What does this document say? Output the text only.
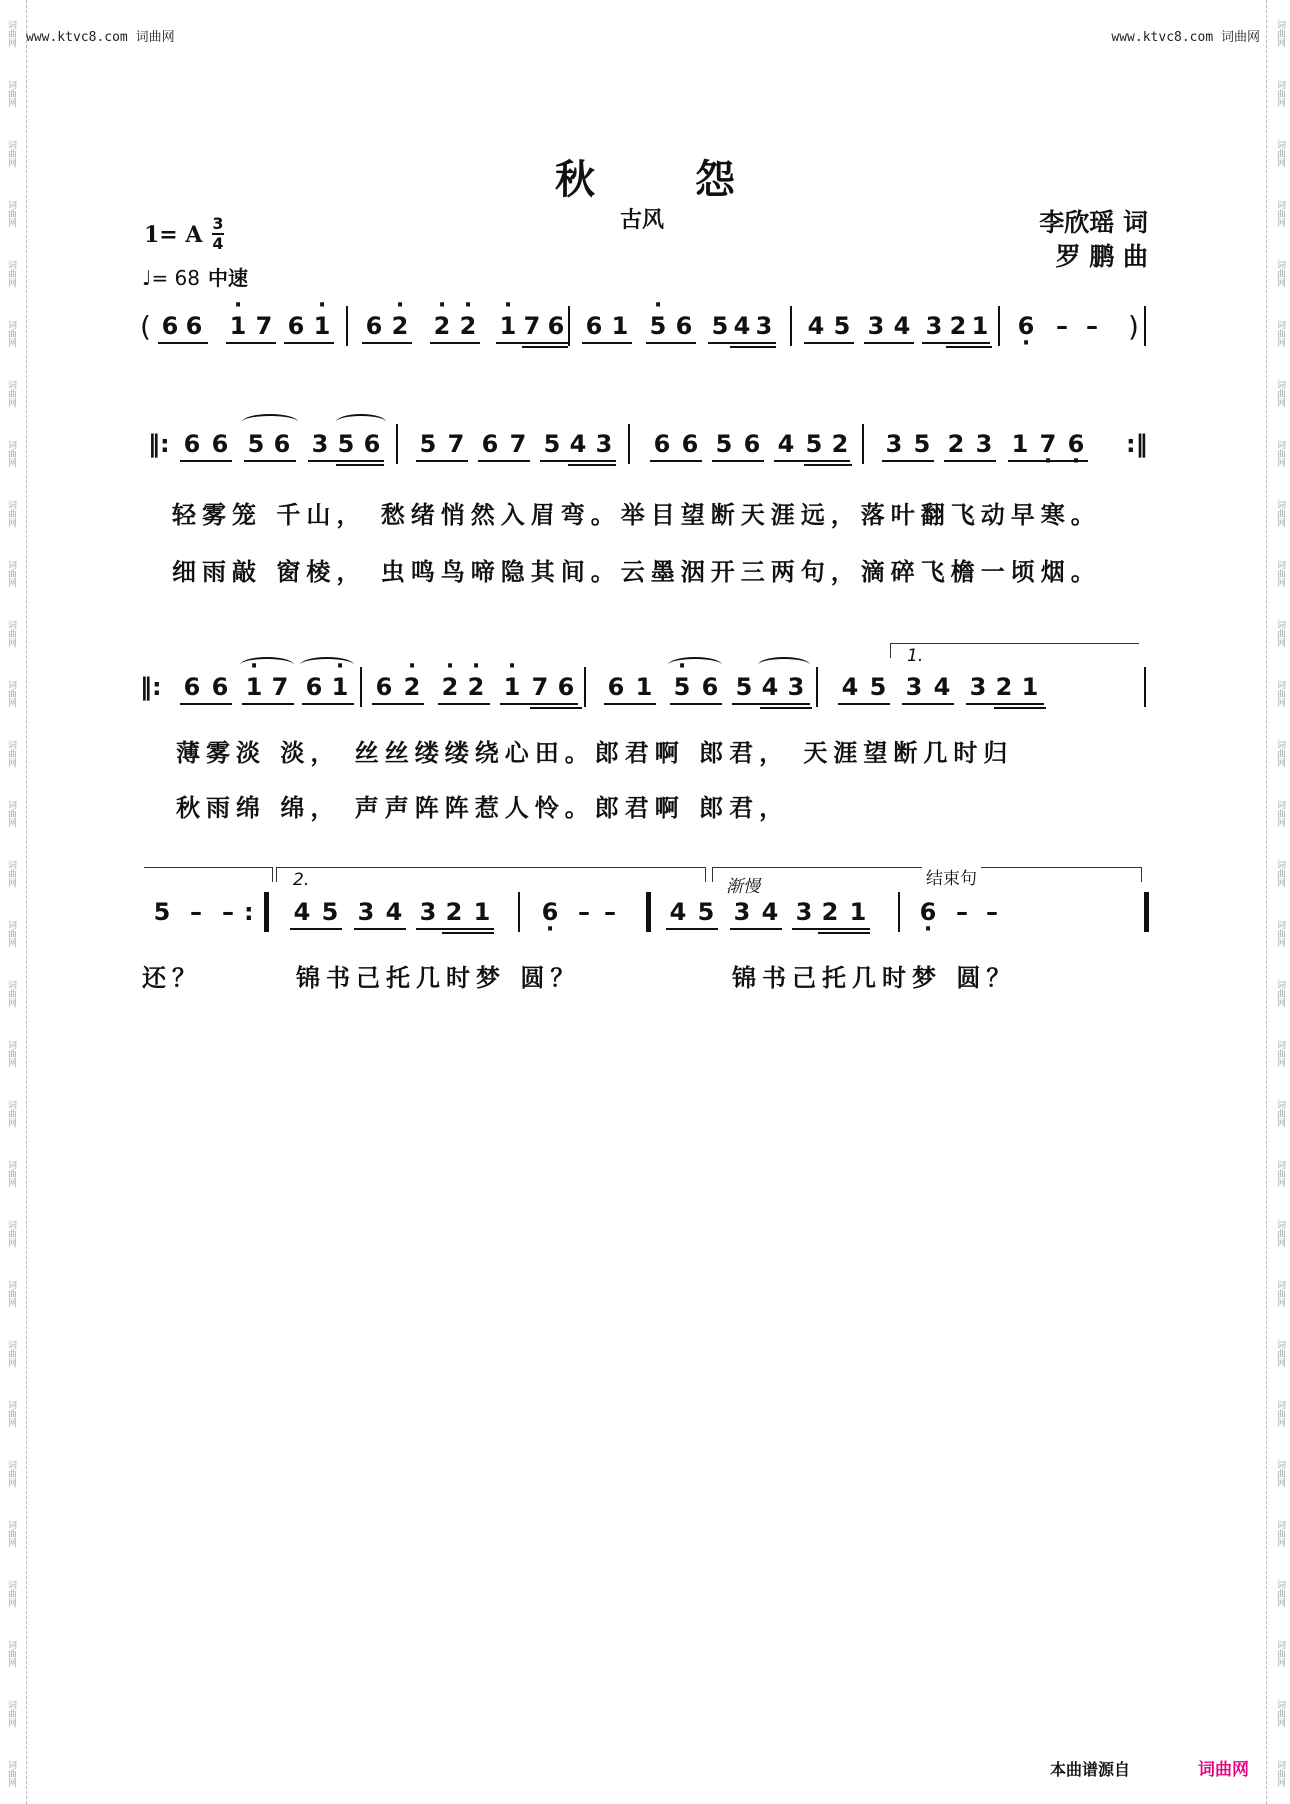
词曲网
词曲网
词曲网
词曲网
词曲网
词曲网
词曲网
词曲网
词曲网
词曲网
词曲网
词曲网
词曲网
词曲网
词曲网
词曲网
词曲网
词曲网
词曲网
词曲网
词曲网
词曲网
词曲网
词曲网
词曲网
词曲网
词曲网
词曲网
词曲网
词曲网
词曲网
词曲网
词曲网
词曲网
词曲网
词曲网
词曲网
词曲网
词曲网
词曲网
词曲网
词曲网
词曲网
词曲网
词曲网
词曲网
词曲网
词曲网
词曲网
词曲网
词曲网
词曲网
词曲网
词曲网
词曲网
词曲网
词曲网
词曲网
词曲网
词曲网
www.ktvc8.com 词曲网	www.ktvc8.com 词曲网
秋怨
古风	李欣瑶 词
罗 鹏 曲
1= A 3
4
♩= 68 中速
(	)
6 6 · 1 7 6 · 1 6 · 2 · 2 · 2 · 1 7 6 6 1 · 5 6 5 4 3 4 5 3 4 3 2 1 6 · – –
‖:	:‖
6 6 5 6 3 5 6 5 7 6 7 5 4 3 6 6 5 6 4 5 2 3 5 2 3 1 7 · 6 ·
轻雾笼 千山， 愁绪悄然入眉弯。举目望断天涯远，落叶翻飞动早寒。
细雨敲 窗棱， 虫鸣鸟啼隐其间。云墨洇开三两句，滴碎飞檐一顷烟。
1.
‖: 6 6 · 1 7 6 · 1 6 · 2 · 2 · 2 · 1 7 6 6 1 · 5 6 5 4 3 4 5 3 4 3 2 1
薄雾淡 淡， 丝丝缕缕绕心田。郎君啊 郎君， 天涯望断几时归
秋雨绵 绵， 声声阵阵惹人怜。郎君啊 郎君，
2.	渐慢	结束句
5 – – 4 5 3 4 3 2 1 6 · – – 4 5 3 4 3 2 1 6 · – –
:
还？	锦书己托几时梦 圆？	锦书己托几时梦 圆？
本曲谱源自	词曲网
